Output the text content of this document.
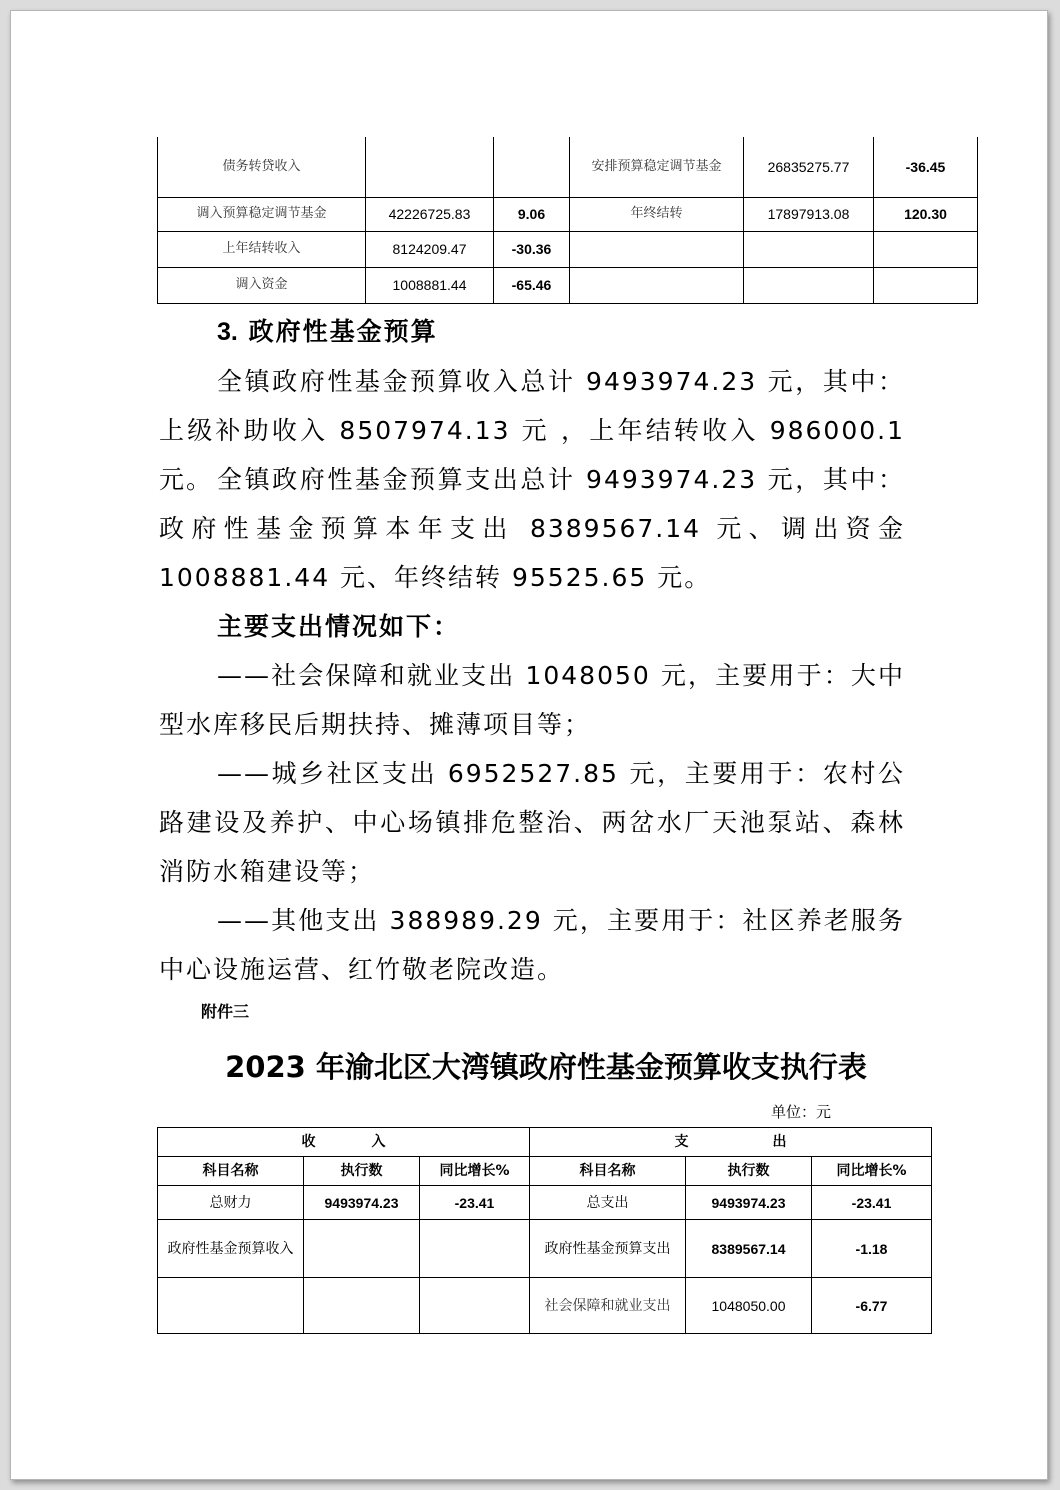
债务转贷收入			安排预算稳定调节基金	26835275.77	-36.45
调入预算稳定调节基金	42226725.83	9.06	年终结转	17897913.08	120.30
上年结转收入	8124209.47	-30.36			
调入资金	1008881.44	-65.46			
3. 政府性基金预算
全镇政府性基金预算收入总计 9493974.23 元，其中：上级补助收入 8507974.13 元 ，上年结转收入 986000.1 元。 全镇政府性基金预算支出总计 9493974.23 元，其中：政府性基金预算本年支出 8389567.14 元、调出资金 1008881.44 元、年终结转 95525.65 元。
主要支出情况如下：
——社会保障和就业支出 1048050 元，主要用于：大中型水库移民后期扶持、摊薄项目等；
——城乡社区支出 6952527.85 元，主要用于：农村公路建设及养护、中心场镇排危整治、两岔水厂天池泵站、森林消防水箱建设等；
——其他支出 388989.29 元，主要用于：社区养老服务中心设施运营、红竹敬老院改造。
附件三
2023 年渝北区大湾镇政府性基金预算收支执行表
单位：元
收　　　　入			支　　　　　　出		
科目名称	执行数	同比增长%	科目名称	执行数	同比增长%
总财力	9493974.23	-23.41	总支出	9493974.23	-23.41
政府性基金预算收入			政府性基金预算支出	8389567.14	-1.18
			社会保障和就业支出	1048050.00	-6.77
